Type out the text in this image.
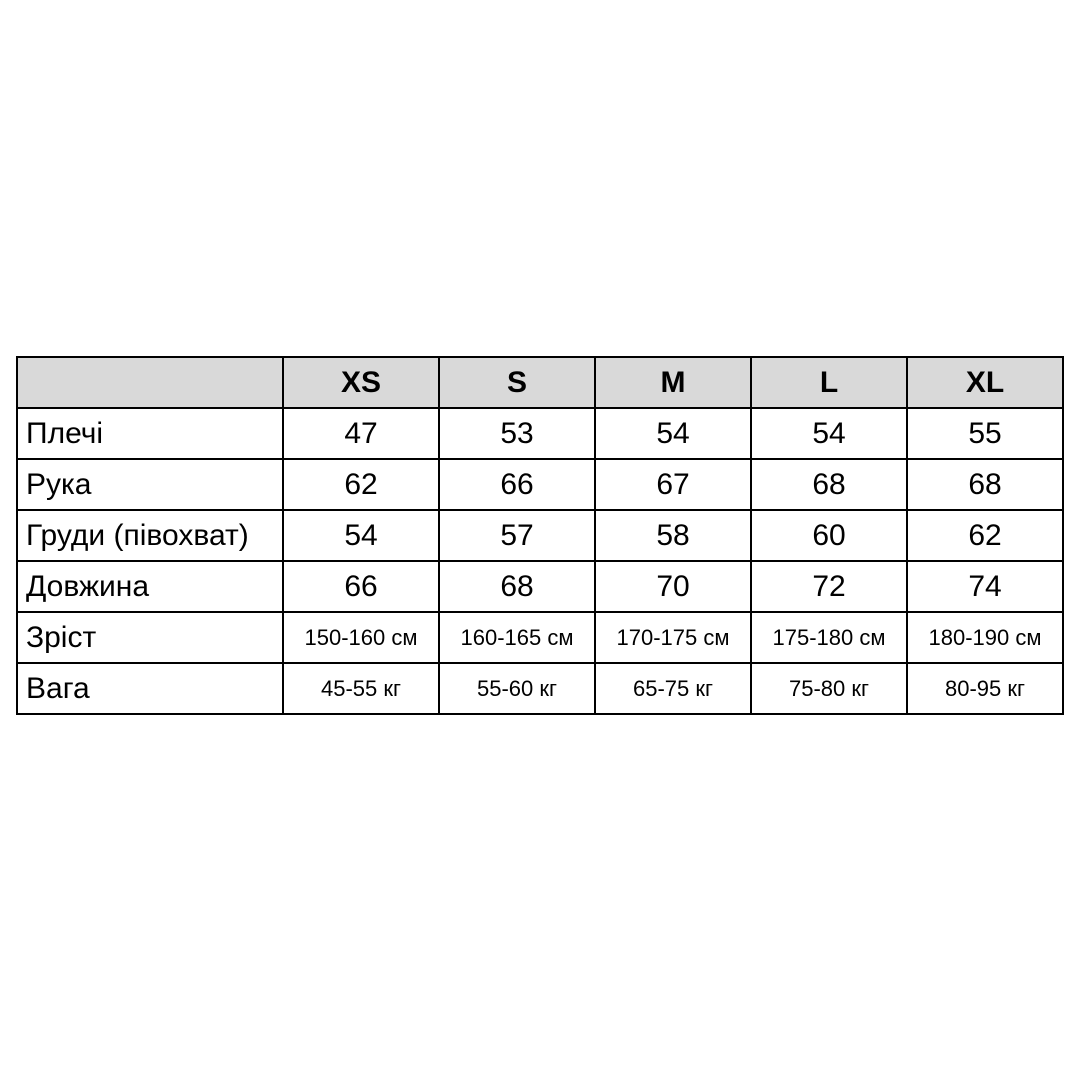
	XS	S	M	L	XL
Плечі	47	53	54	54	55
Рука	62	66	67	68	68
Груди (півохват)	54	57	58	60	62
Довжина	66	68	70	72	74
Зріст	150-160 см	160-165 см	170-175 см	175-180 см	180-190 см
Вага	45-55 кг	55-60 кг	65-75 кг	75-80 кг	80-95 кг
